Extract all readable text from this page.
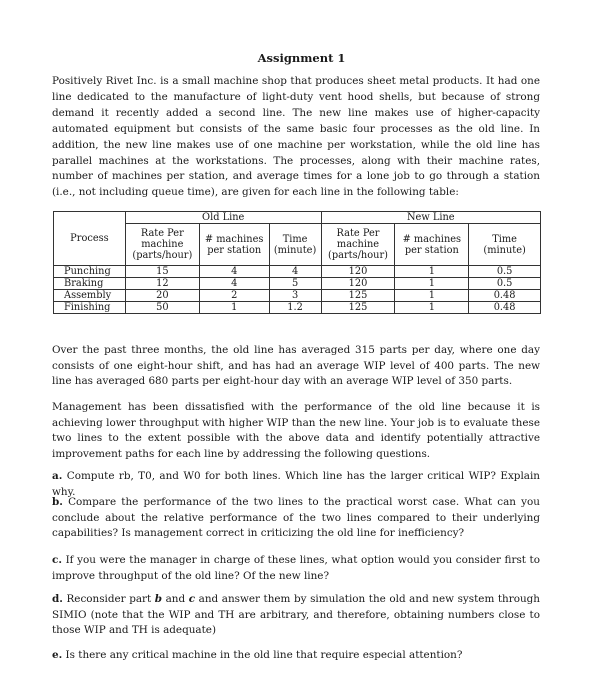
Assignment 1

Positively Rivet Inc. is a small machine shop that produces sheet metal products. It had one line dedicated to the manufacture of light-duty vent hood shells, but because of strong demand it recently added a second line. The new line makes use of higher-capacity automated equipment but consists of the same basic four processes as the old line. In addition, the new line makes use of one machine per workstation, while the old line has parallel machines at the workstations. The processes, along with their machine rates, number of machines per station, and average times for a lone job to go through a station (i.e., not including queue time), are given for each line in the following table:

Process	Old Line			New Line		
	Rate Per machine (parts/hour)	# machines per station	Time (minute)	Rate Per machine (parts/hour)	# machines per station	Time (minute)
Punching	15	4	4	120	1	0.5
Braking	12	4	5	120	1	0.5
Assembly	20	2	3	125	1	0.48
Finishing	50	1	1.2	125	1	0.48

Over the past three months, the old line has averaged 315 parts per day, where one day consists of one eight-hour shift, and has had an average WIP level of 400 parts. The new line has averaged 680 parts per eight-hour day with an average WIP level of 350 parts.

Management has been dissatisfied with the performance of the old line because it is achieving lower throughput with higher WIP than the new line. Your job is to evaluate these two lines to the extent possible with the above data and identify potentially attractive improvement paths for each line by addressing the following questions.

a. Compute rb, T0, and W0 for both lines. Which line has the larger critical WIP? Explain why.

b. Compare the performance of the two lines to the practical worst case. What can you conclude about the relative performance of the two lines compared to their underlying capabilities? Is management correct in criticizing the old line for inefficiency?

c. If you were the manager in charge of these lines, what option would you consider first to improve throughput of the old line? Of the new line?

d. Reconsider part b and c and answer them by simulation the old and new system through SIMIO (note that the WIP and TH are arbitrary, and therefore, obtaining numbers close to those WIP and TH is adequate)

e. Is there any critical machine in the old line that require especial attention?
